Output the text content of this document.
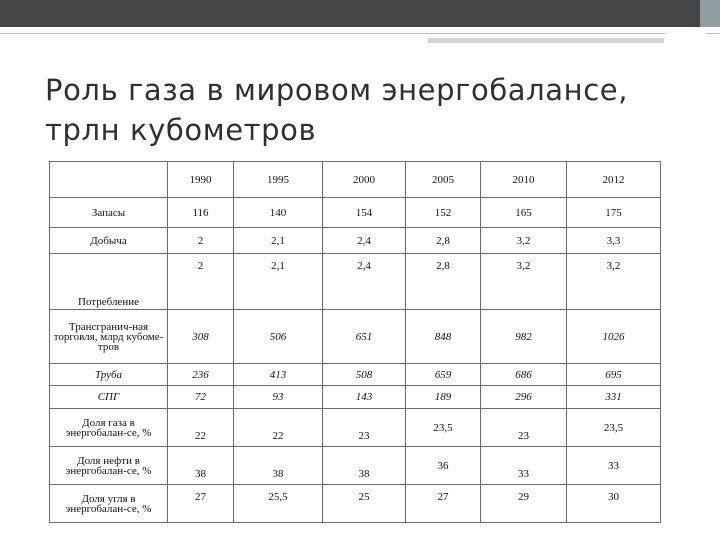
Роль газа в мировом энергобалансе, трлн кубометров
	1990	1995	2000	2005	2010	2012
Запасы	116	140	154	152	165	175
Добыча	2	2,1	2,4	2,8	3,2	3,3
Потребление	2	2,1	2,4	2,8	3,2	3,2
Трансгранич-ная торговля, млрд кубоме-тров	308	506	651	848	982	1026
Труба	236	413	508	659	686	695
СПГ	72	93	143	189	296	331
Доля газа в энергобалан-се, %	22	22	23	23,5	23	23,5
Доля нефти в энергобалан-се, %	38	38	38	36	33	33
Доля угля в энергобалан-се, %	27	25,5	25	27	29	30
